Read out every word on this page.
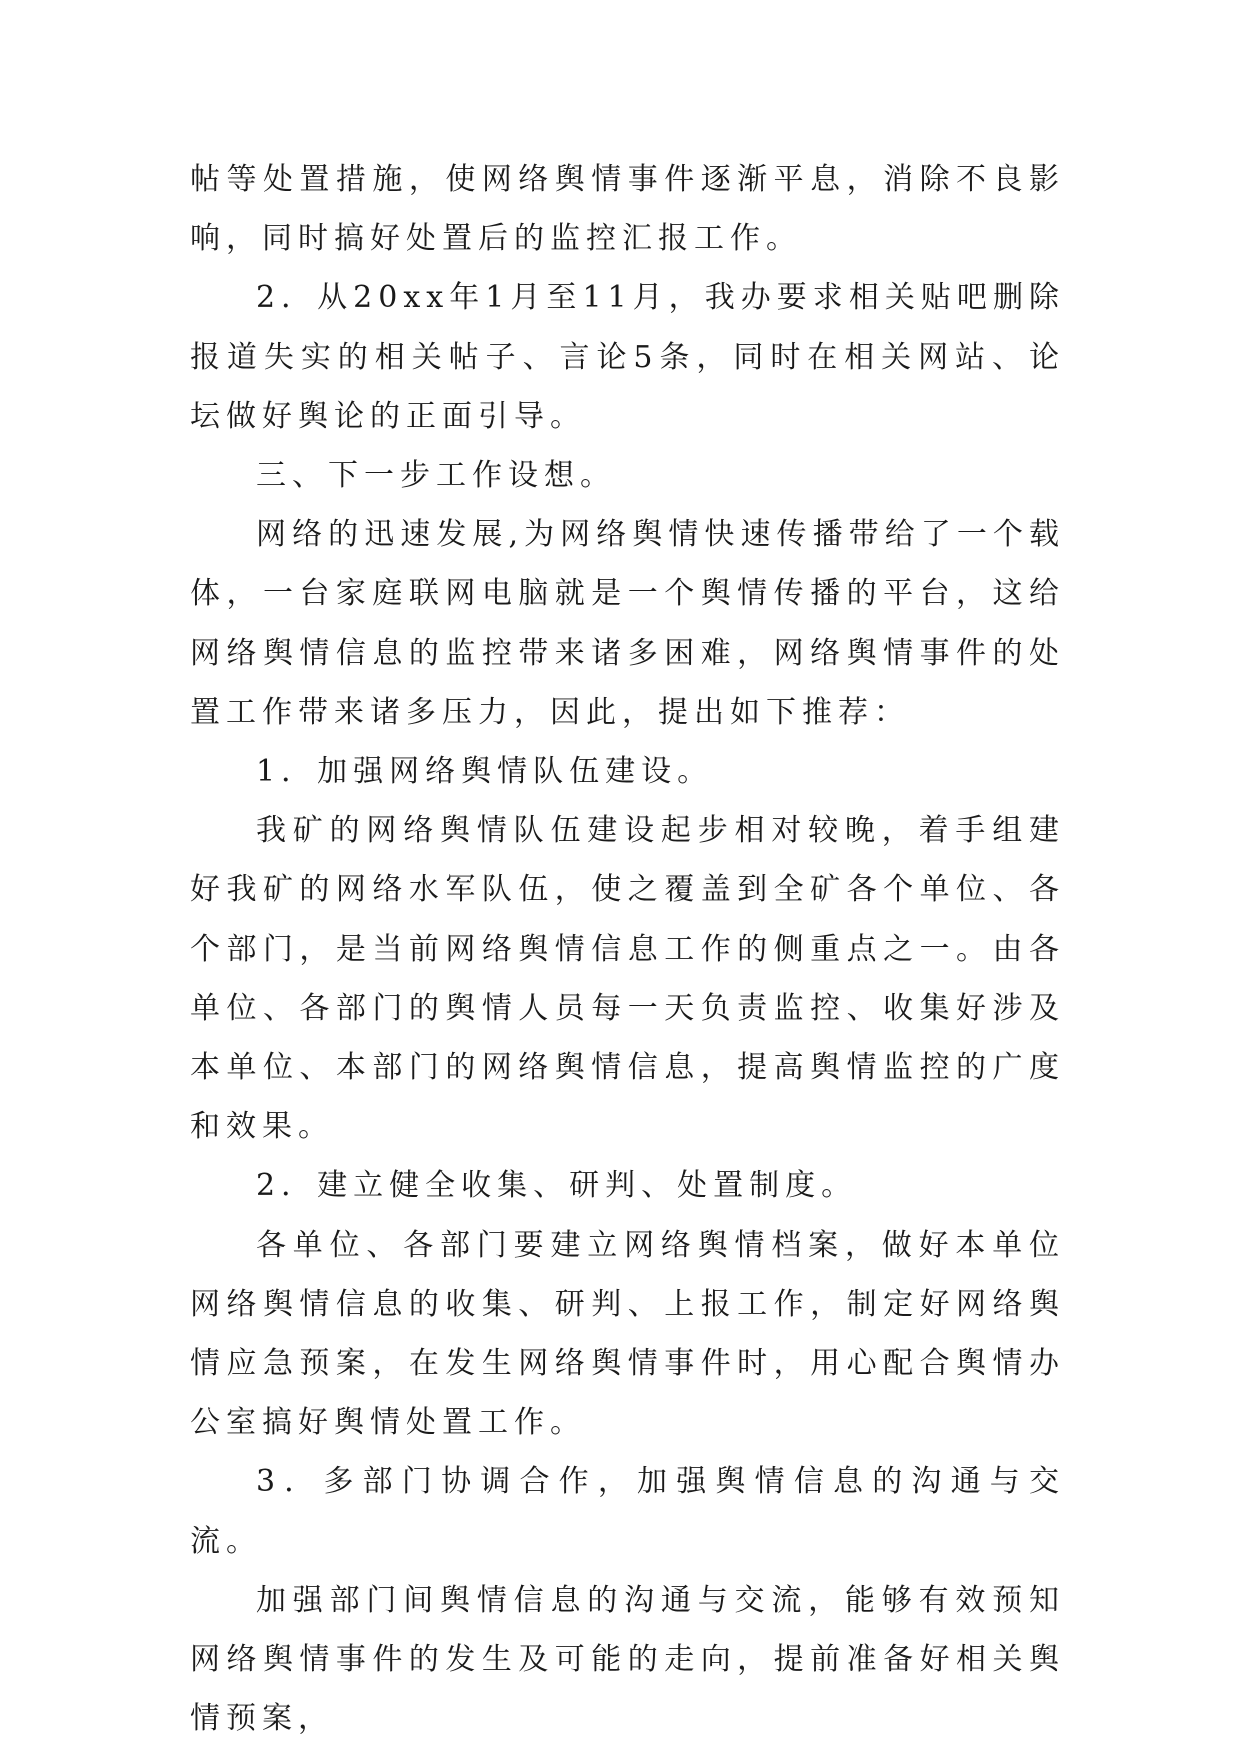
帖等处置措施，使网络舆情事件逐渐平息，消除不良影响，同时搞好处置后的监控汇报工作。

2．从20xx年1月至11月，我办要求相关贴吧删除报道失实的相关帖子、言论5条，同时在相关网站、论坛做好舆论的正面引导。

三、下一步工作设想。

网络的迅速发展,为网络舆情快速传播带给了一个载体，一台家庭联网电脑就是一个舆情传播的平台，这给网络舆情信息的监控带来诸多困难，网络舆情事件的处置工作带来诸多压力，因此，提出如下推荐：

1．加强网络舆情队伍建设。

我矿的网络舆情队伍建设起步相对较晚，着手组建好我矿的网络水军队伍，使之覆盖到全矿各个单位、各个部门，是当前网络舆情信息工作的侧重点之一。由各单位、各部门的舆情人员每一天负责监控、收集好涉及本单位、本部门的网络舆情信息，提高舆情监控的广度和效果。

2．建立健全收集、研判、处置制度。

各单位、各部门要建立网络舆情档案，做好本单位网络舆情信息的收集、研判、上报工作，制定好网络舆情应急预案，在发生网络舆情事件时，用心配合舆情办公室搞好舆情处置工作。

3．多部门协调合作，加强舆情信息的沟通与交流。

加强部门间舆情信息的沟通与交流，能够有效预知网络舆情事件的发生及可能的走向，提前准备好相关舆情预案，
